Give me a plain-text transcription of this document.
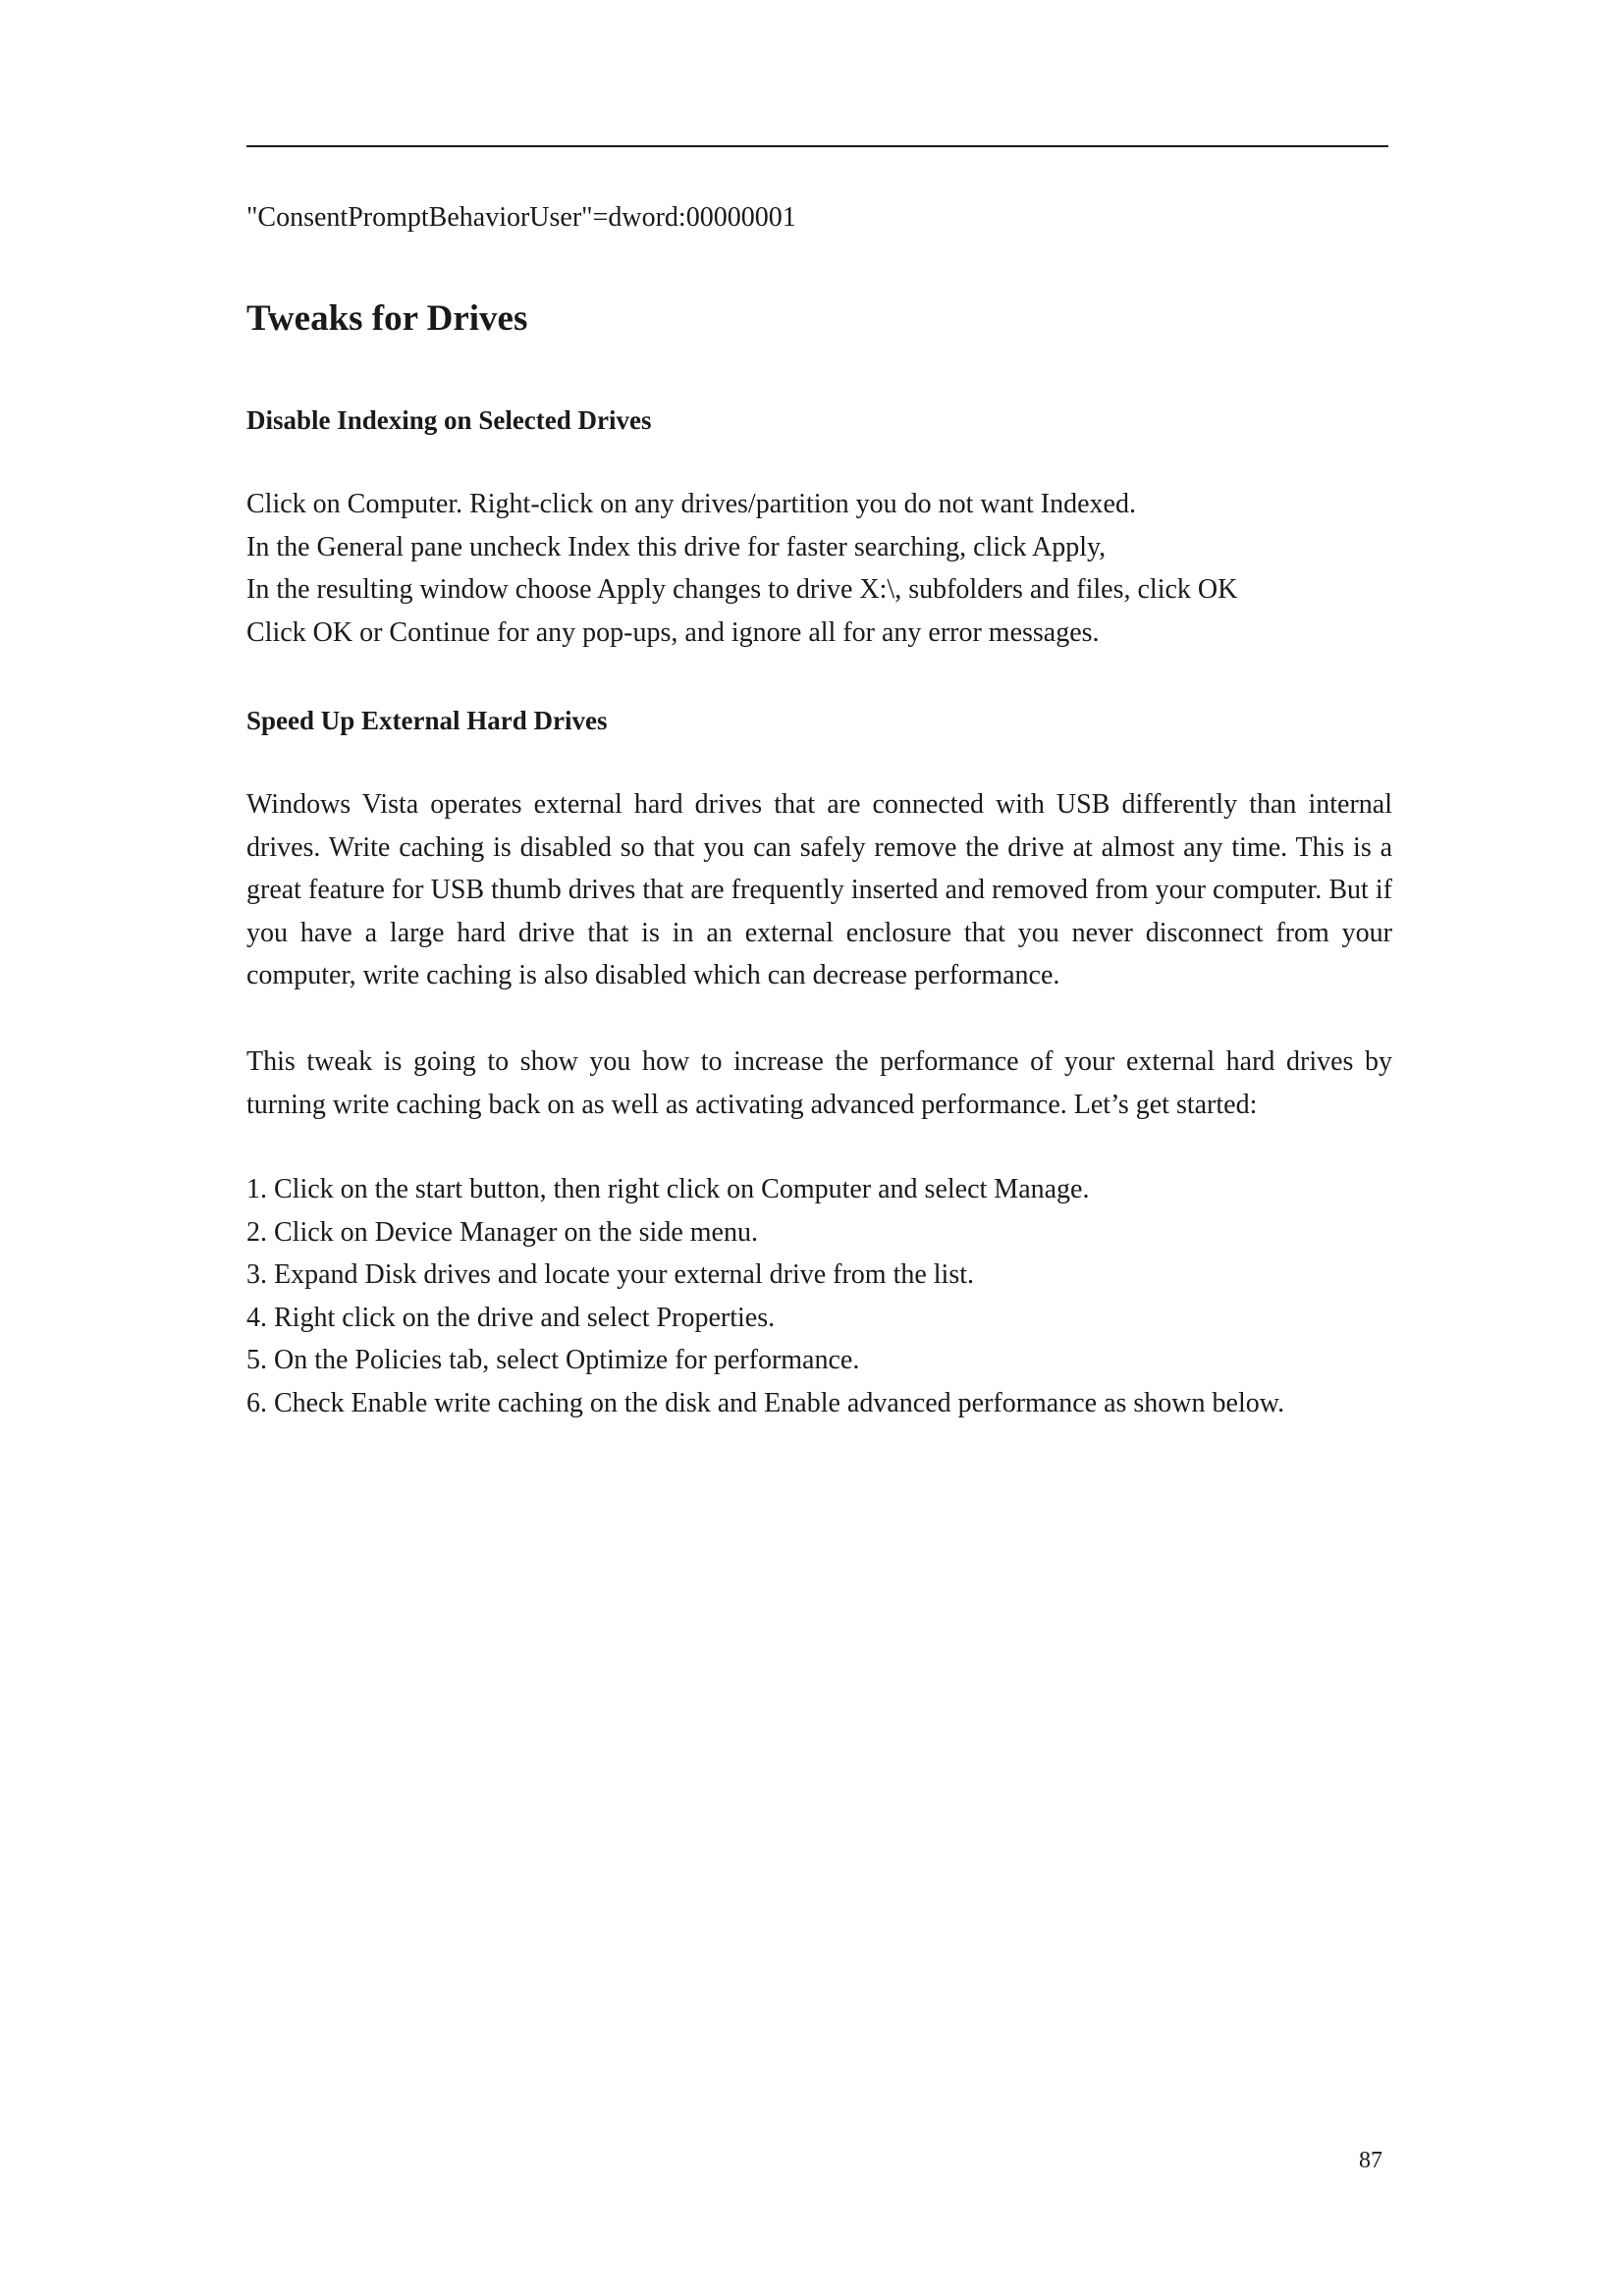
"ConsentPromptBehaviorUser"=dword:00000001

Tweaks for Drives
Disable Indexing on Selected Drives
Click on Computer. Right-click on any drives/partition you do not want Indexed.
In the General pane uncheck Index this drive for faster searching, click Apply,
In the resulting window choose Apply changes to drive X:\, subfolders and files, click OK
Click OK or Continue for any pop-ups, and ignore all for any error messages.
Speed Up External Hard Drives

Windows Vista operates external hard drives that are connected with USB differently than internal drives. Write caching is disabled so that you can safely remove the drive at almost any time. This is a great feature for USB thumb drives that are frequently inserted and removed from your computer. But if you have a large hard drive that is in an external enclosure that you never disconnect from your computer, write caching is also disabled which can decrease performance.

This tweak is going to show you how to increase the performance of your external hard drives by turning write caching back on as well as activating advanced performance. Let’s get started:

1. Click on the start button, then right click on Computer and select Manage.
2. Click on Device Manager on the side menu.
3. Expand Disk drives and locate your external drive from the list.
4. Right click on the drive and select Properties.
5. On the Policies tab, select Optimize for performance.
6. Check Enable write caching on the disk and Enable advanced performance as shown below.
87
